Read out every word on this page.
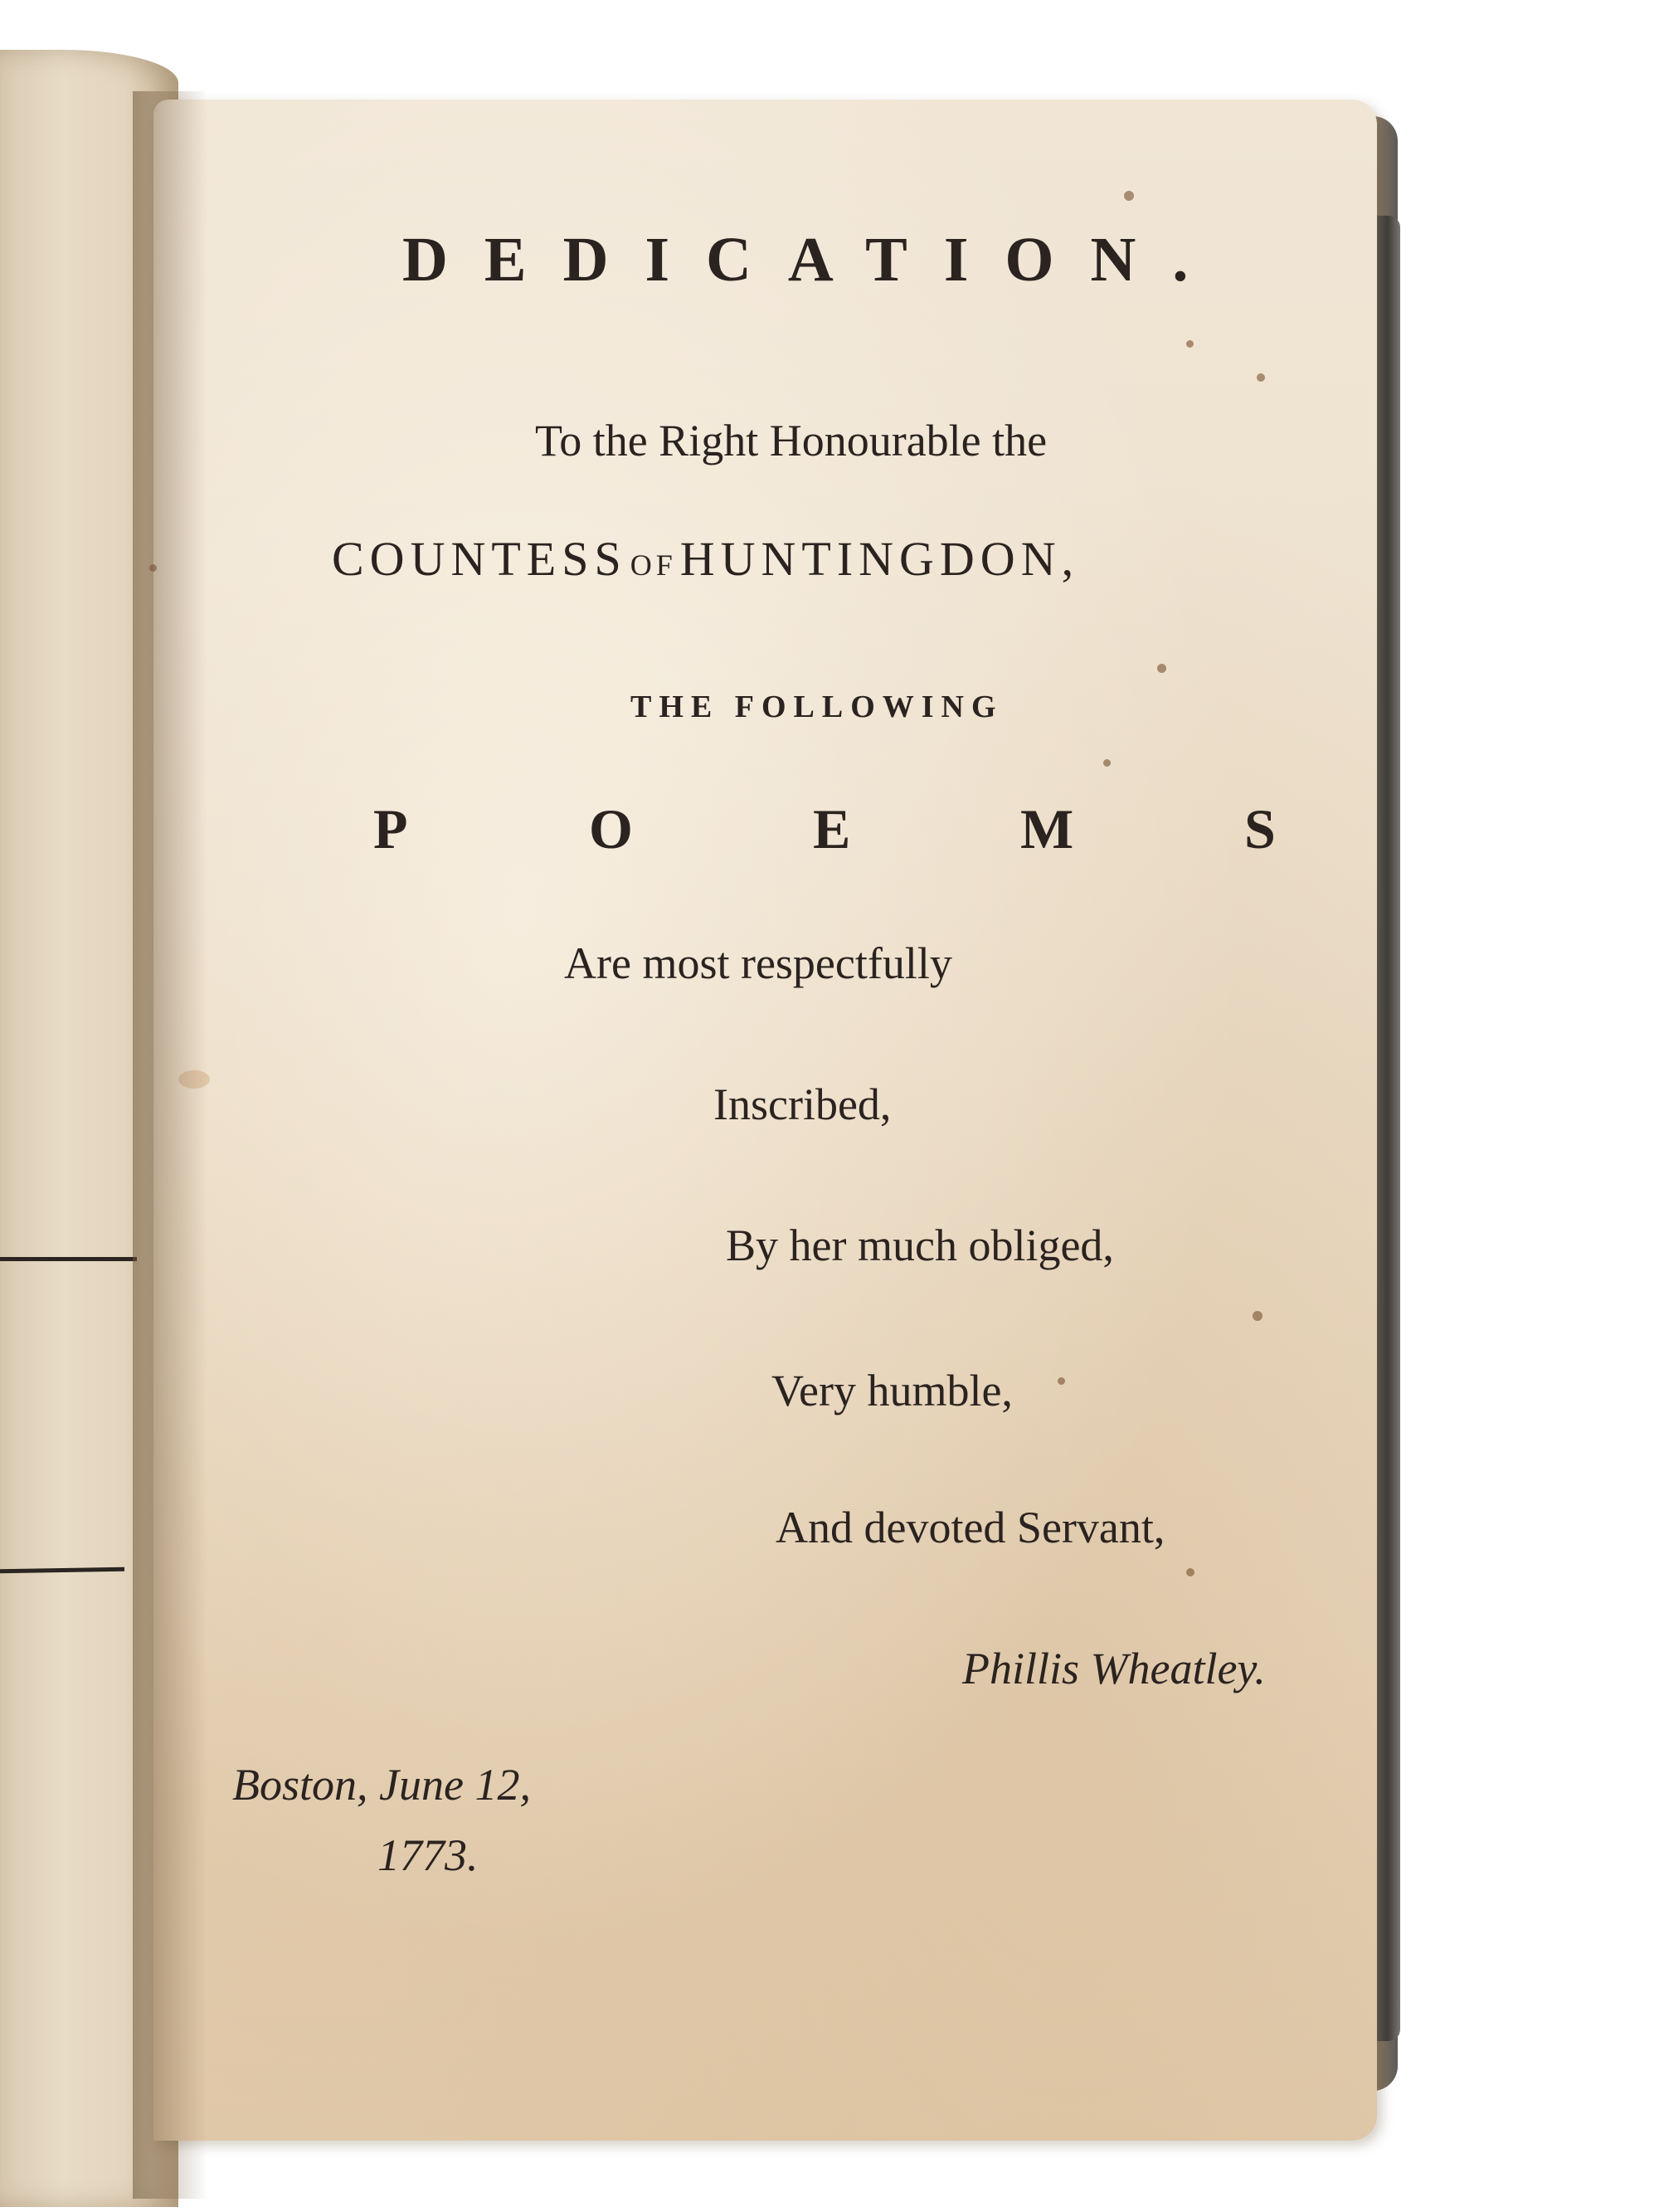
DEDICATION.
To the Right Honourable the
COUNTESS OF HUNTINGDON,
THE FOLLOWING
P	O	E	M	S
Are most respectfully
Inscribed,
By her much obliged,
Very humble,
And devoted Servant,
Phillis Wheatley.
Boston, June 12,
1773.
